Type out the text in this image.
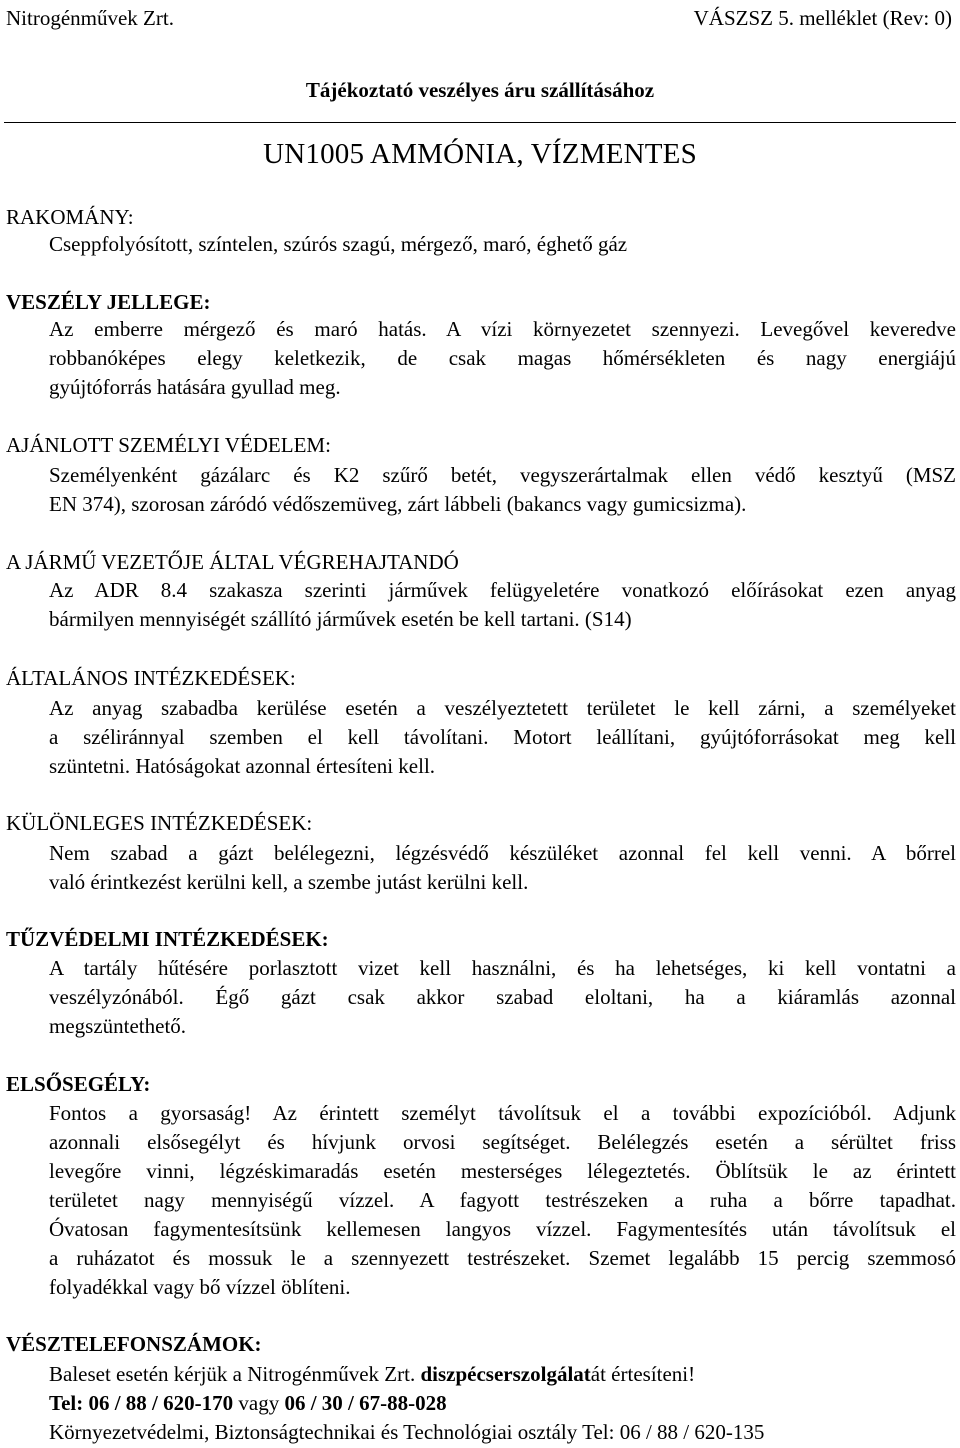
Nitrogénművek Zrt.	VÁSZSZ 5. melléklet (Rev: 0)
Tájékoztató veszélyes áru szállításához
UN1005 AMMÓNIA, VÍZMENTES
RAKOMÁNY:
Cseppfolyósított, színtelen, szúrós szagú, mérgező, maró, éghető gáz
VESZÉLY JELLEGE:
Az emberre mérgező és maró hatás. A vízi környezetet szennyezi. Levegővel keveredve
robbanóképes elegy keletkezik, de csak magas hőmérsékleten és nagy energiájú
gyújtóforrás hatására gyullad meg.
AJÁNLOTT SZEMÉLYI VÉDELEM:
Személyenként gázálarc és K2 szűrő betét, vegyszerártalmak ellen védő kesztyű (MSZ
EN 374), szorosan záródó védőszemüveg, zárt lábbeli (bakancs vagy gumicsizma).
A JÁRMŰ VEZETŐJE ÁLTAL VÉGREHAJTANDÓ
Az ADR 8.4 szakasza szerinti járművek felügyeletére vonatkozó előírásokat ezen anyag
bármilyen mennyiségét szállító járművek esetén be kell tartani. (S14)
ÁLTALÁNOS INTÉZKEDÉSEK:
Az anyag szabadba kerülése esetén a veszélyeztetett területet le kell zárni, a személyeket
a széliránnyal szemben el kell távolítani. Motort leállítani, gyújtóforrásokat meg kell
szüntetni. Hatóságokat azonnal értesíteni kell.
KÜLÖNLEGES INTÉZKEDÉSEK:
Nem szabad a gázt belélegezni, légzésvédő készüléket azonnal fel kell venni. A bőrrel
való érintkezést kerülni kell, a szembe jutást kerülni kell.
TŰZVÉDELMI INTÉZKEDÉSEK:
A tartály hűtésére porlasztott vizet kell használni, és ha lehetséges, ki kell vontatni a
veszélyzónából. Égő gázt csak akkor szabad eloltani, ha a kiáramlás azonnal
megszüntethető.
ELSŐSEGÉLY:
Fontos a gyorsaság! Az érintett személyt távolítsuk el a további expozícióból. Adjunk
azonnali elsősegélyt és hívjunk orvosi segítséget. Belélegzés esetén a sérültet friss
levegőre vinni, légzéskimaradás esetén mesterséges lélegeztetés. Öblítsük le az érintett
területet nagy mennyiségű vízzel. A fagyott testrészeken a ruha a bőrre tapadhat.
Óvatosan fagymentesítsünk kellemesen langyos vízzel. Fagymentesítés után távolítsuk el
a ruházatot és mossuk le a szennyezett testrészeket. Szemet legalább 15 percig szemmosó
folyadékkal vagy bő vízzel öblíteni.
VÉSZTELEFONSZÁMOK:
Baleset esetén kérjük a Nitrogénművek Zrt. diszpécserszolgálatát értesíteni!
Tel: 06 / 88 / 620-170 vagy 06 / 30 / 67-88-028
Környezetvédelmi, Biztonságtechnikai és Technológiai osztály Tel: 06 / 88 / 620-135
